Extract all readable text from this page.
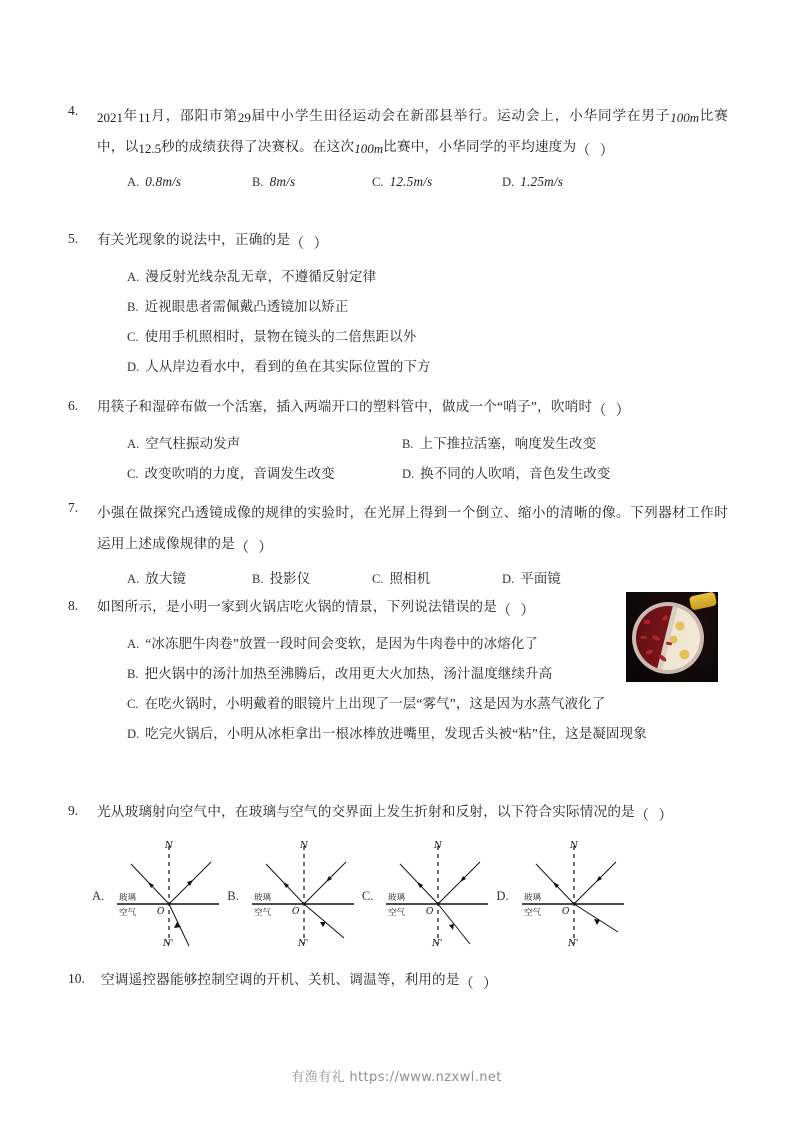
4.	2021年11月，邵阳市第29届中小学生田径运动会在新邵县举行。运动会上，小华同学在男子100m比赛中，以12.5秒的成绩获得了决赛权。在这次100m比赛中，小华同学的平均速度为（ ）
A. 0.8m/s	B. 8m/s	C. 12.5m/s	D. 1.25m/s
5.	有关光现象的说法中，正确的是（ ）
A. 漫反射光线杂乱无章，不遵循反射定律
B. 近视眼患者需佩戴凸透镜加以矫正
C. 使用手机照相时，景物在镜头的二倍焦距以外
D. 人从岸边看水中，看到的鱼在其实际位置的下方
6.	用筷子和湿碎布做一个活塞，插入两端开口的塑料管中，做成一个“哨子”，吹哨时（ ）
A. 空气柱振动发声	B. 上下推拉活塞，响度发生改变
C. 改变吹哨的力度，音调发生改变	D. 换不同的人吹哨，音色发生改变
7.	小强在做探究凸透镜成像的规律的实验时，在光屏上得到一个倒立、缩小的清晰的像。下列器材工作时运用上述成像规律的是（ ）
A. 放大镜	B. 投影仪	C. 照相机	D. 平面镜
8.	如图所示，是小明一家到火锅店吃火锅的情景，下列说法错误的是（ ）
A. “冰冻肥牛肉卷”放置一段时间会变软，是因为牛肉卷中的冰熔化了
B. 把火锅中的汤汁加热至沸腾后，改用更大火加热，汤汁温度继续升高
C. 在吃火锅时，小明戴着的眼镜片上出现了一层“雾气”，这是因为水蒸气液化了
D. 吃完火锅后，小明从冰柜拿出一根冰棒放进嘴里，发现舌头被“粘”住，这是凝固现象
9.	光从玻璃射向空气中，在玻璃与空气的交界面上发生折射和反射，以下符合实际情况的是（ ）
A.
N
N'
O
玻璃
空气
B.
N
N'
O
玻璃
空气
C.
N
N'
O
玻璃
空气
D.
N
N'
O
玻璃
空气
10.	空调遥控器能够控制空调的开机、关机、调温等，利用的是（ ）
有渔有礼 https://www.nzxwl.net
